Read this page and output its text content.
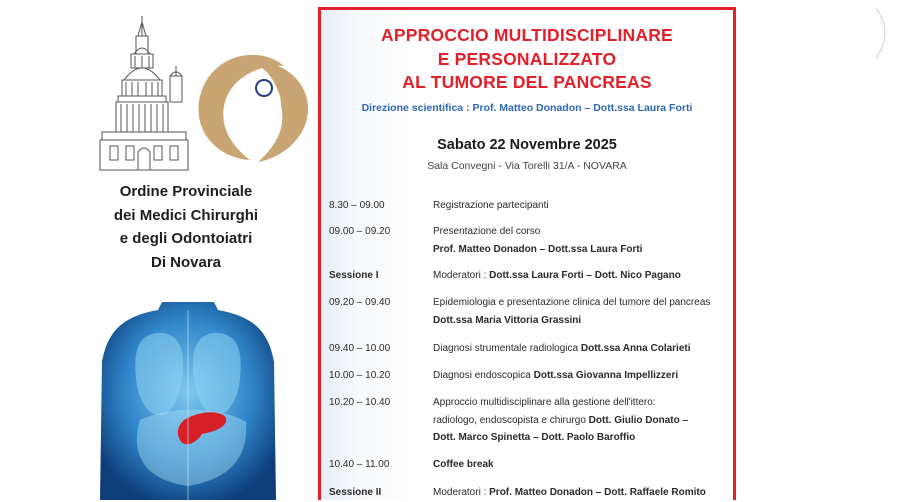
Ordine Provinciale
dei Medici Chirurghi
e degli Odontoiatri
Di Novara
APPROCCIO MULTIDISCIPLINARE
E PERSONALIZZATO
AL TUMORE DEL PANCREAS
Direzione scientifica : Prof. Matteo Donadon – Dott.ssa Laura Forti
Sabato 22 Novembre 2025
Sala Convegni - Via Torelli 31/A - NOVARA
8.30 – 09.00	Registrazione partecipanti
09.00 – 09.20	Presentazione del corso
Prof. Matteo Donadon – Dott.ssa Laura Forti
Sessione I	Moderatori : Dott.ssa Laura Forti – Dott. Nico Pagano
09.20 – 09.40	Epidemiologia e presentazione clinica del tumore del pancreas
Dott.ssa Maria Vittoria Grassini
09.40 – 10.00	Diagnosi strumentale radiologica Dott.ssa Anna Colarieti
10.00 – 10.20	Diagnosi endoscopica Dott.ssa Giovanna Impellizzeri
10.20 – 10.40	Approccio multidisciplinare alla gestione dell'ittero:
radiologo, endoscopista e chirurgo Dott. Giulio Donato –
Dott. Marco Spinetta – Dott. Paolo Baroffio
10.40 – 11.00	Coffee break
Sessione II	Moderatori : Prof. Matteo Donadon – Dott. Raffaele Romito
